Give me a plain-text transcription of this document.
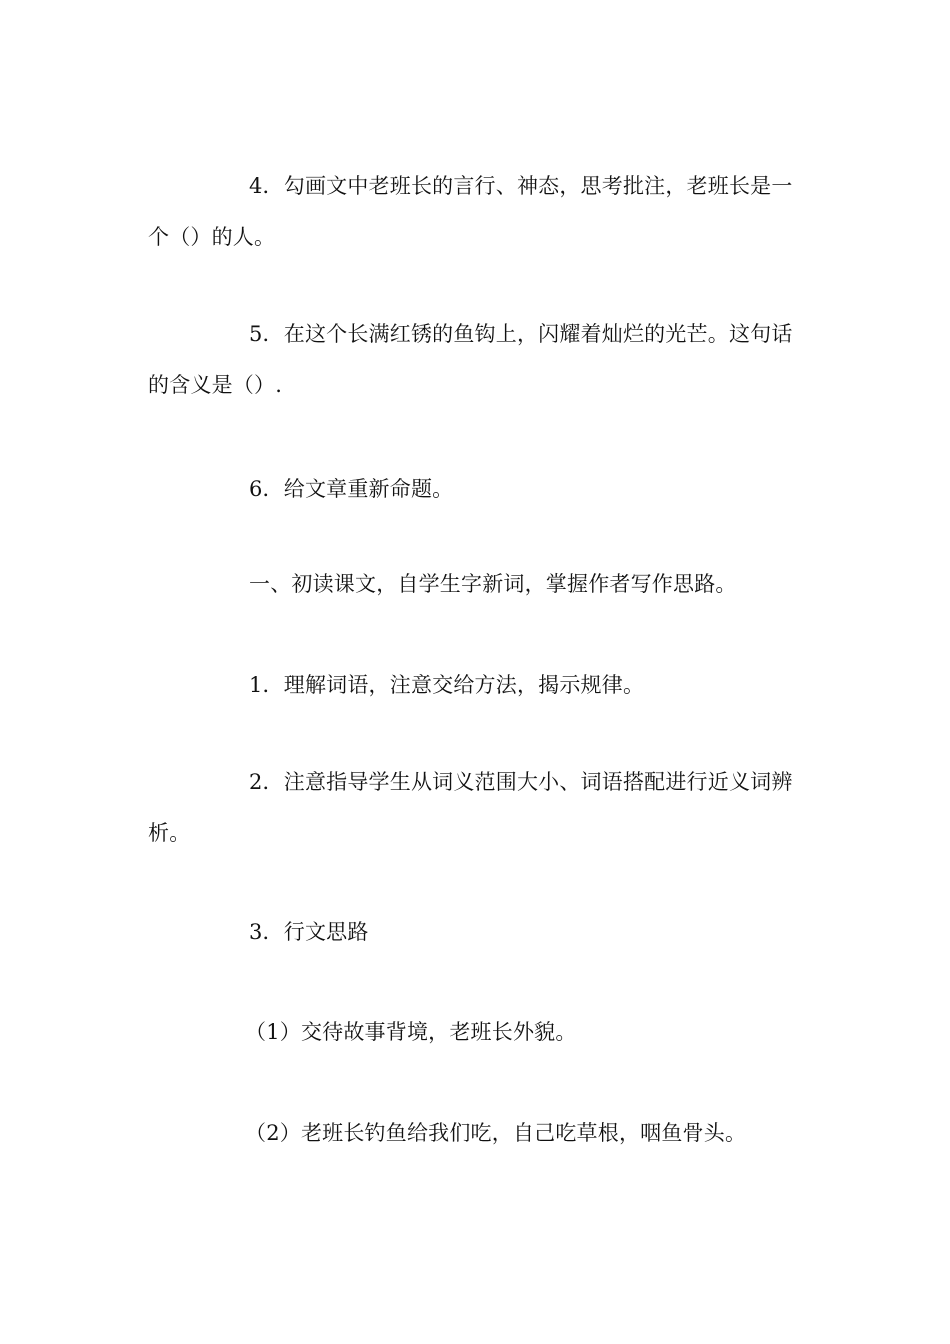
4．勾画文中老班长的言行、神态，思考批注，老班长是一个（）的人。

5．在这个长满红锈的鱼钩上，闪耀着灿烂的光芒。这句话的含义是（）.

6．给文章重新命题。

一、初读课文，自学生字新词，掌握作者写作思路。

1．理解词语，注意交给方法，揭示规律。

2．注意指导学生从词义范围大小、词语搭配进行近义词辨析。

3．行文思路

（1）交待故事背境，老班长外貌。

（2）老班长钓鱼给我们吃，自己吃草根，咽鱼骨头。
